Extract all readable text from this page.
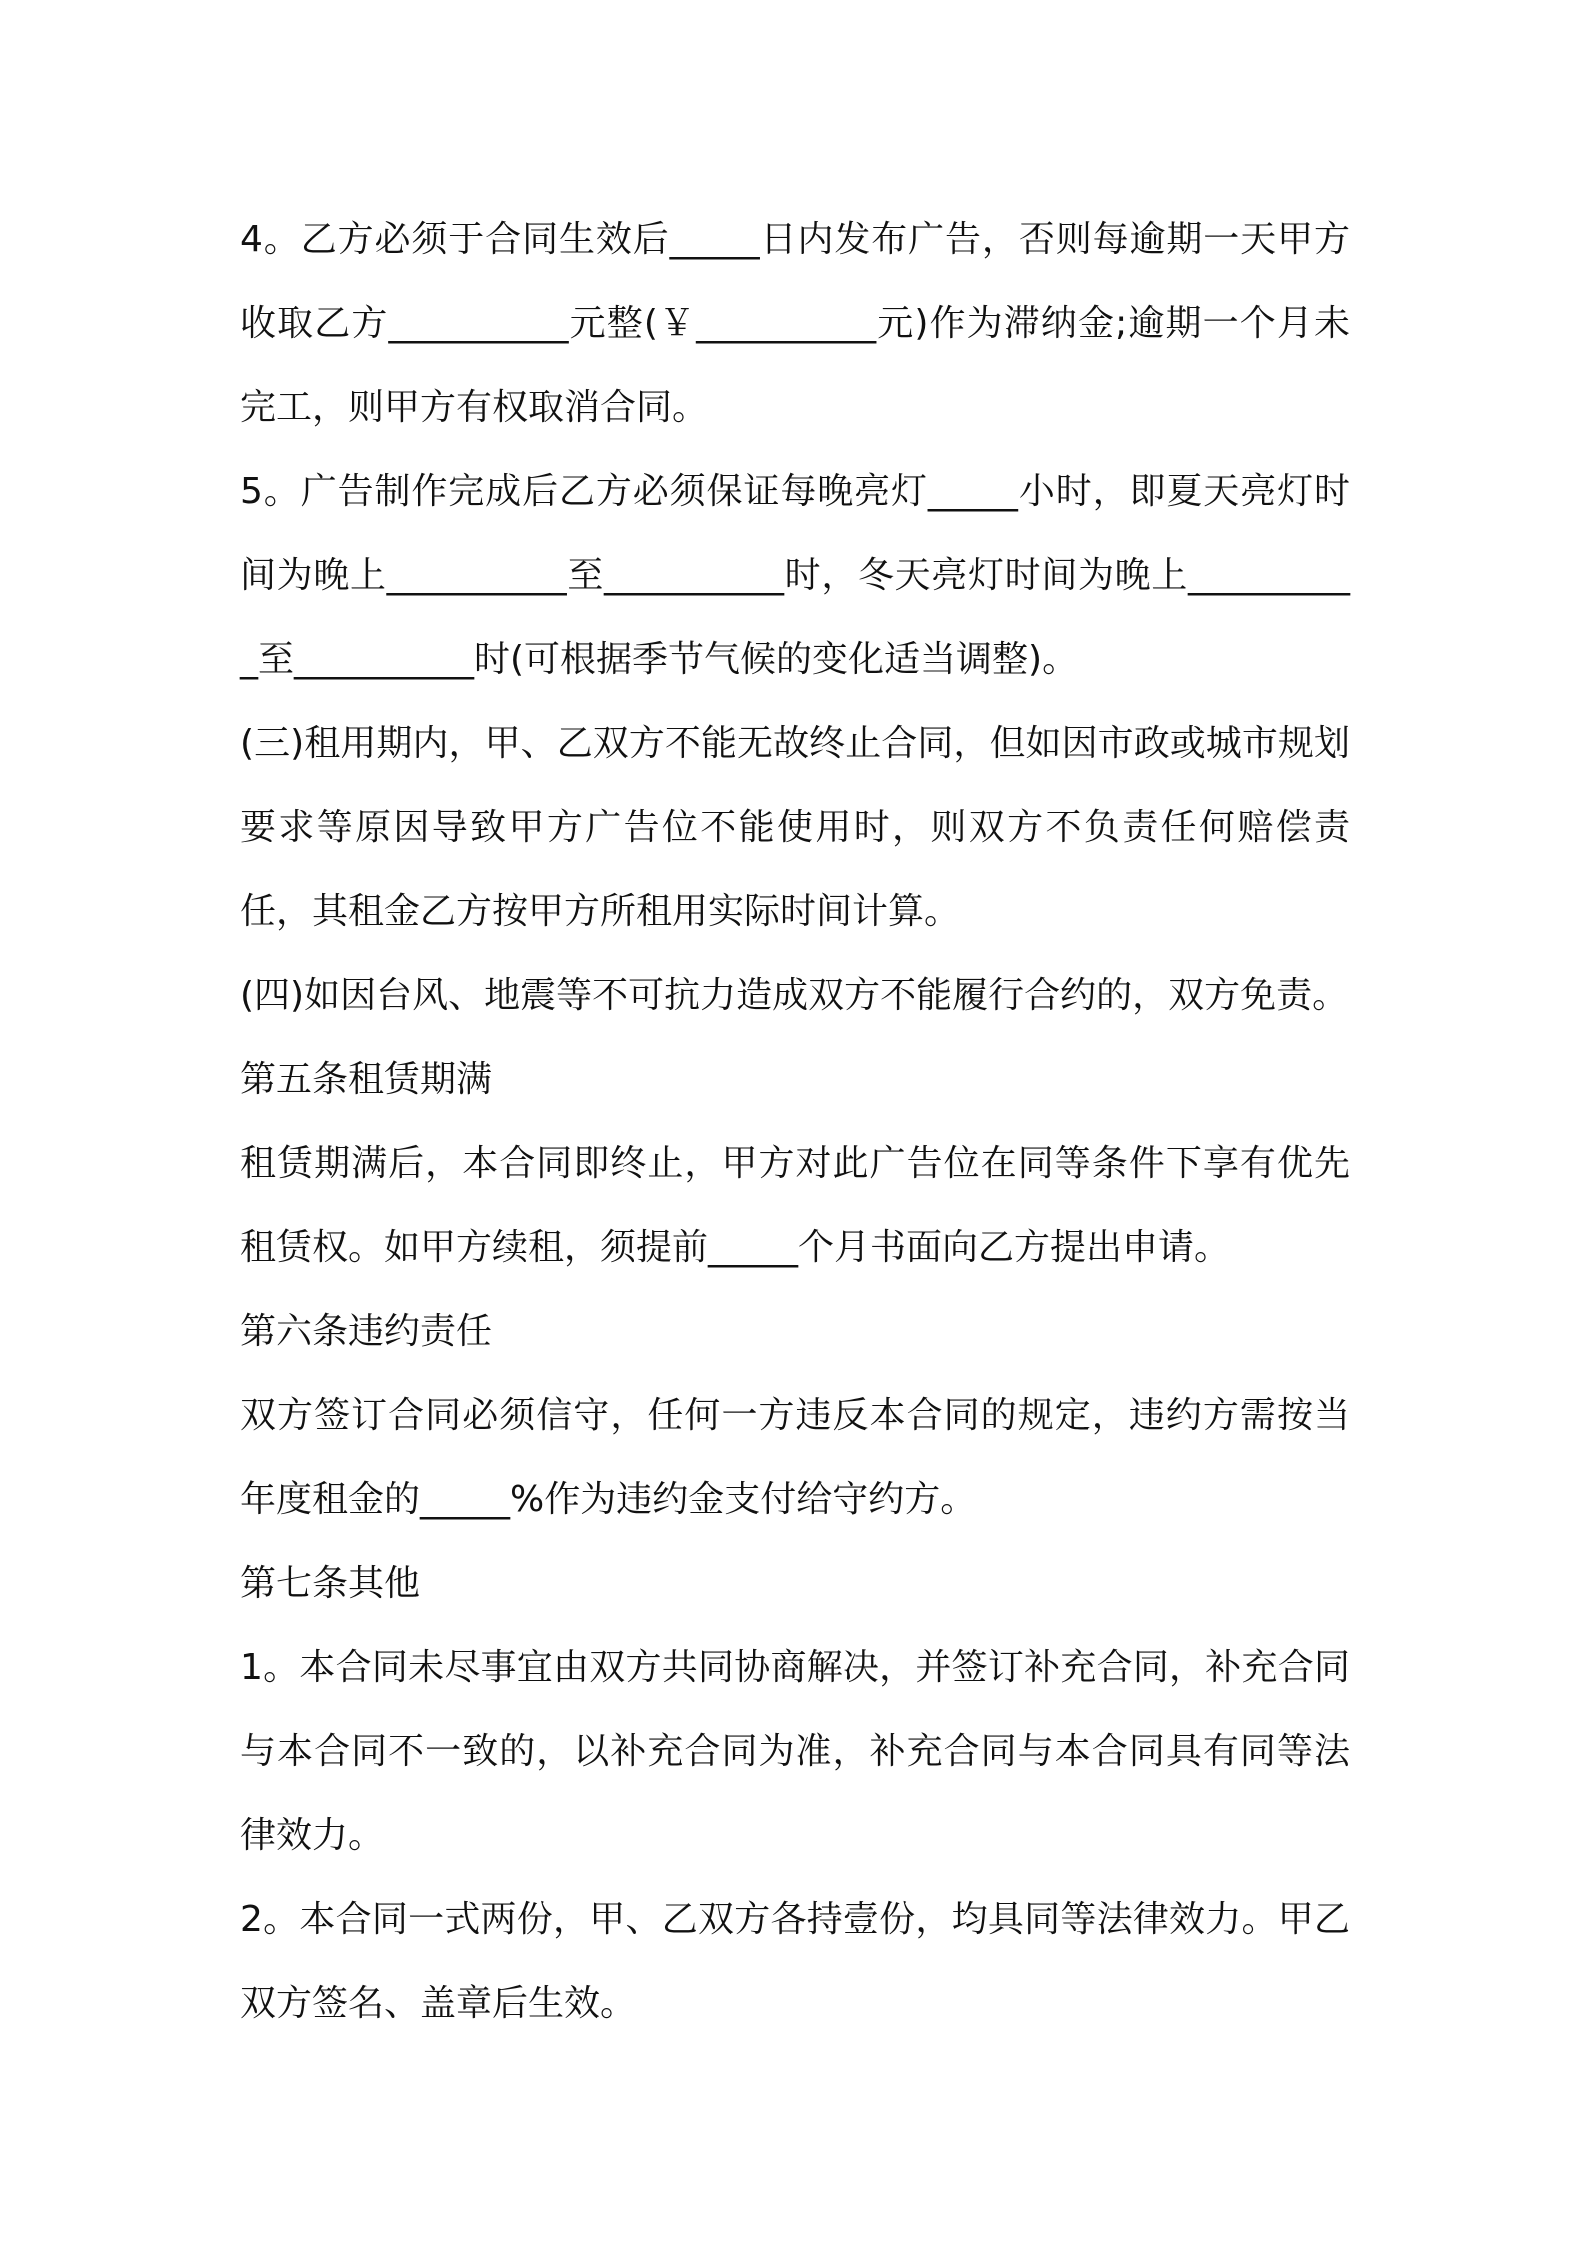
4。乙方必须于合同生效后_____日内发布广告，否则每逾期一天甲方收取乙方__________元整(￥__________元)作为滞纳金;逾期一个月未完工，则甲方有权取消合同。

5。广告制作完成后乙方必须保证每晚亮灯_____小时，即夏天亮灯时间为晚上__________至__________时，冬天亮灯时间为晚上__________至__________时(可根据季节气候的变化适当调整)。

(三)租用期内，甲、乙双方不能无故终止合同，但如因市政或城市规划要求等原因导致甲方广告位不能使用时，则双方不负责任何赔偿责任，其租金乙方按甲方所租用实际时间计算。

(四)如因台风、地震等不可抗力造成双方不能履行合约的，双方免责。

第五条租赁期满

租赁期满后，本合同即终止，甲方对此广告位在同等条件下享有优先租赁权。如甲方续租，须提前_____个月书面向乙方提出申请。

第六条违约责任

双方签订合同必须信守，任何一方违反本合同的规定，违约方需按当年度租金的_____%作为违约金支付给守约方。

第七条其他

1。本合同未尽事宜由双方共同协商解决，并签订补充合同，补充合同与本合同不一致的，以补充合同为准，补充合同与本合同具有同等法律效力。

2。本合同一式两份，甲、乙双方各持壹份，均具同等法律效力。甲乙双方签名、盖章后生效。
